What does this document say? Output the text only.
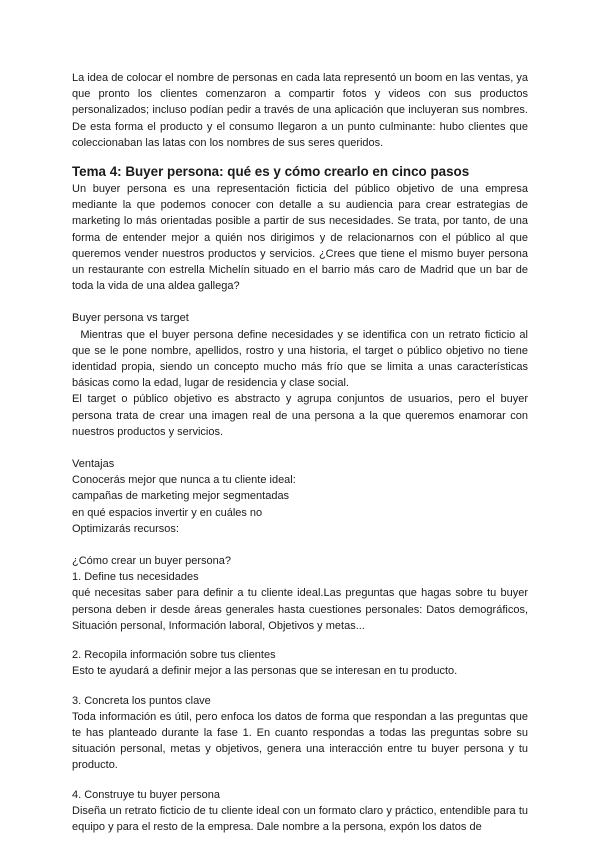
La idea de colocar el nombre de personas en cada lata representó un boom en las ventas, ya que pronto los clientes comenzaron a compartir fotos y videos con sus productos personalizados; incluso podían pedir a través de una aplicación que incluyeran sus nombres. De esta forma el producto y el consumo llegaron a un punto culminante: hubo clientes que coleccionaban las latas con los nombres de sus seres queridos.

Tema 4: Buyer persona: qué es y cómo crearlo en cinco pasos

Un buyer persona es una representación ficticia del público objetivo de una empresa mediante la que podemos conocer con detalle a su audiencia para crear estrategias de marketing lo más orientadas posible a partir de sus necesidades. Se trata, por tanto, de una forma de entender mejor a quién nos dirigimos y de relacionarnos con el público al que queremos vender nuestros productos y servicios. ¿Crees que tiene el mismo buyer persona un restaurante con estrella Michelín situado en el barrio más caro de Madrid que un bar de toda la vida de una aldea gallega?

Buyer persona vs target

Mientras que el buyer persona define necesidades y se identifica con un retrato ficticio al que se le pone nombre, apellidos, rostro y una historia, el target o público objetivo no tiene identidad propia, siendo un concepto mucho más frío que se limita a unas características básicas como la edad, lugar de residencia y clase social.

El target o público objetivo es abstracto y agrupa conjuntos de usuarios, pero el buyer persona trata de crear una imagen real de una persona a la que queremos enamorar con nuestros productos y servicios.

Ventajas

Conocerás mejor que nunca a tu cliente ideal:

campañas de marketing mejor segmentadas

en qué espacios invertir y en cuáles no

Optimizarás recursos:

¿Cómo crear un buyer persona?

1. Define tus necesidades

qué necesitas saber para definir a tu cliente ideal.Las preguntas que hagas sobre tu buyer persona deben ir desde áreas generales hasta cuestiones personales: Datos demográficos, Situación personal, Información laboral, Objetivos y metas...

2. Recopila información sobre tus clientes

Esto te ayudará a definir mejor a las personas que se interesan en tu producto.

3. Concreta los puntos clave

Toda información es útil, pero enfoca los datos de forma que respondan a las preguntas que te has planteado durante la fase 1. En cuanto respondas a todas las preguntas sobre su situación personal, metas y objetivos, genera una interacción entre tu buyer persona y tu producto.

4. Construye tu buyer persona

Diseña un retrato ficticio de tu cliente ideal con un formato claro y práctico, entendible para tu equipo y para el resto de la empresa. Dale nombre a la persona, expón los datos de
